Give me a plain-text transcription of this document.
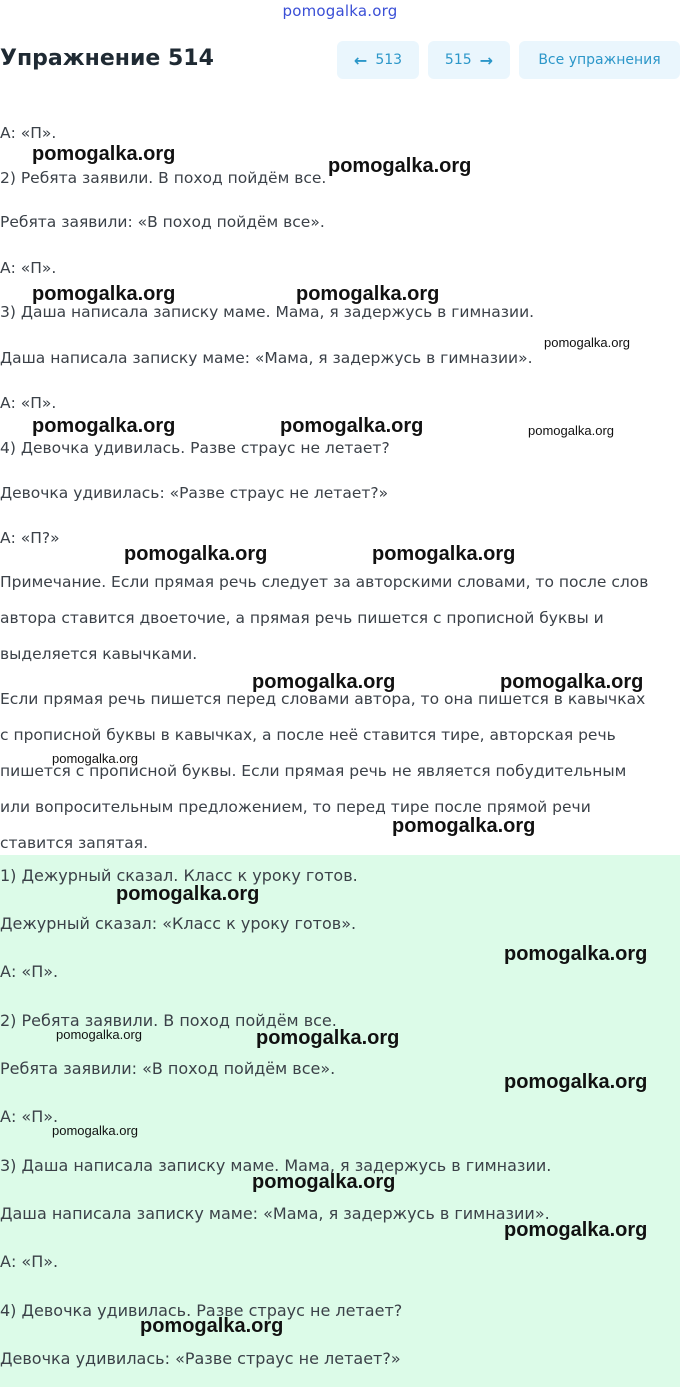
pomogalka.org
Упражнение 514	← 513	515 →	Все упражнения
А: «П».
2) Ребята заявили. В поход пойдём все.
Ребята заявили: «В поход пойдём все».
А: «П».
3) Даша написала записку маме. Мама, я задержусь в гимназии.
Даша написала записку маме: «Мама, я задержусь в гимназии».
А: «П».
4) Девочка удивилась. Разве страус не летает?
Девочка удивилась: «Разве страус не летает?»
А: «П?»
Примечание. Если прямая речь следует за авторскими словами, то после слов
автора ставится двоеточие, а прямая речь пишется с прописной буквы и
выделяется кавычками.
Если прямая речь пишется перед словами автора, то она пишется в кавычках
с прописной буквы в кавычках, а после неё ставится тире, авторская речь
пишется с прописной буквы. Если прямая речь не является побудительным
или вопросительным предложением, то перед тире после прямой речи
ставится запятая.
1) Дежурный сказал. Класс к уроку готов.
Дежурный сказал: «Класс к уроку готов».
А: «П».
2) Ребята заявили. В поход пойдём все.
Ребята заявили: «В поход пойдём все».
А: «П».
3) Даша написала записку маме. Мама, я задержусь в гимназии.
Даша написала записку маме: «Мама, я задержусь в гимназии».
А: «П».
4) Девочка удивилась. Разве страус не летает?
Девочка удивилась: «Разве страус не летает?»
pomogalka.org
pomogalka.org
pomogalka.org	pomogalka.org
pomogalka.org
pomogalka.org	pomogalka.org	pomogalka.org
pomogalka.org	pomogalka.org
pomogalka.org	pomogalka.org
pomogalka.org
pomogalka.org
pomogalka.org
pomogalka.org
pomogalka.org	pomogalka.org
pomogalka.org
pomogalka.org
pomogalka.org
pomogalka.org
pomogalka.org
